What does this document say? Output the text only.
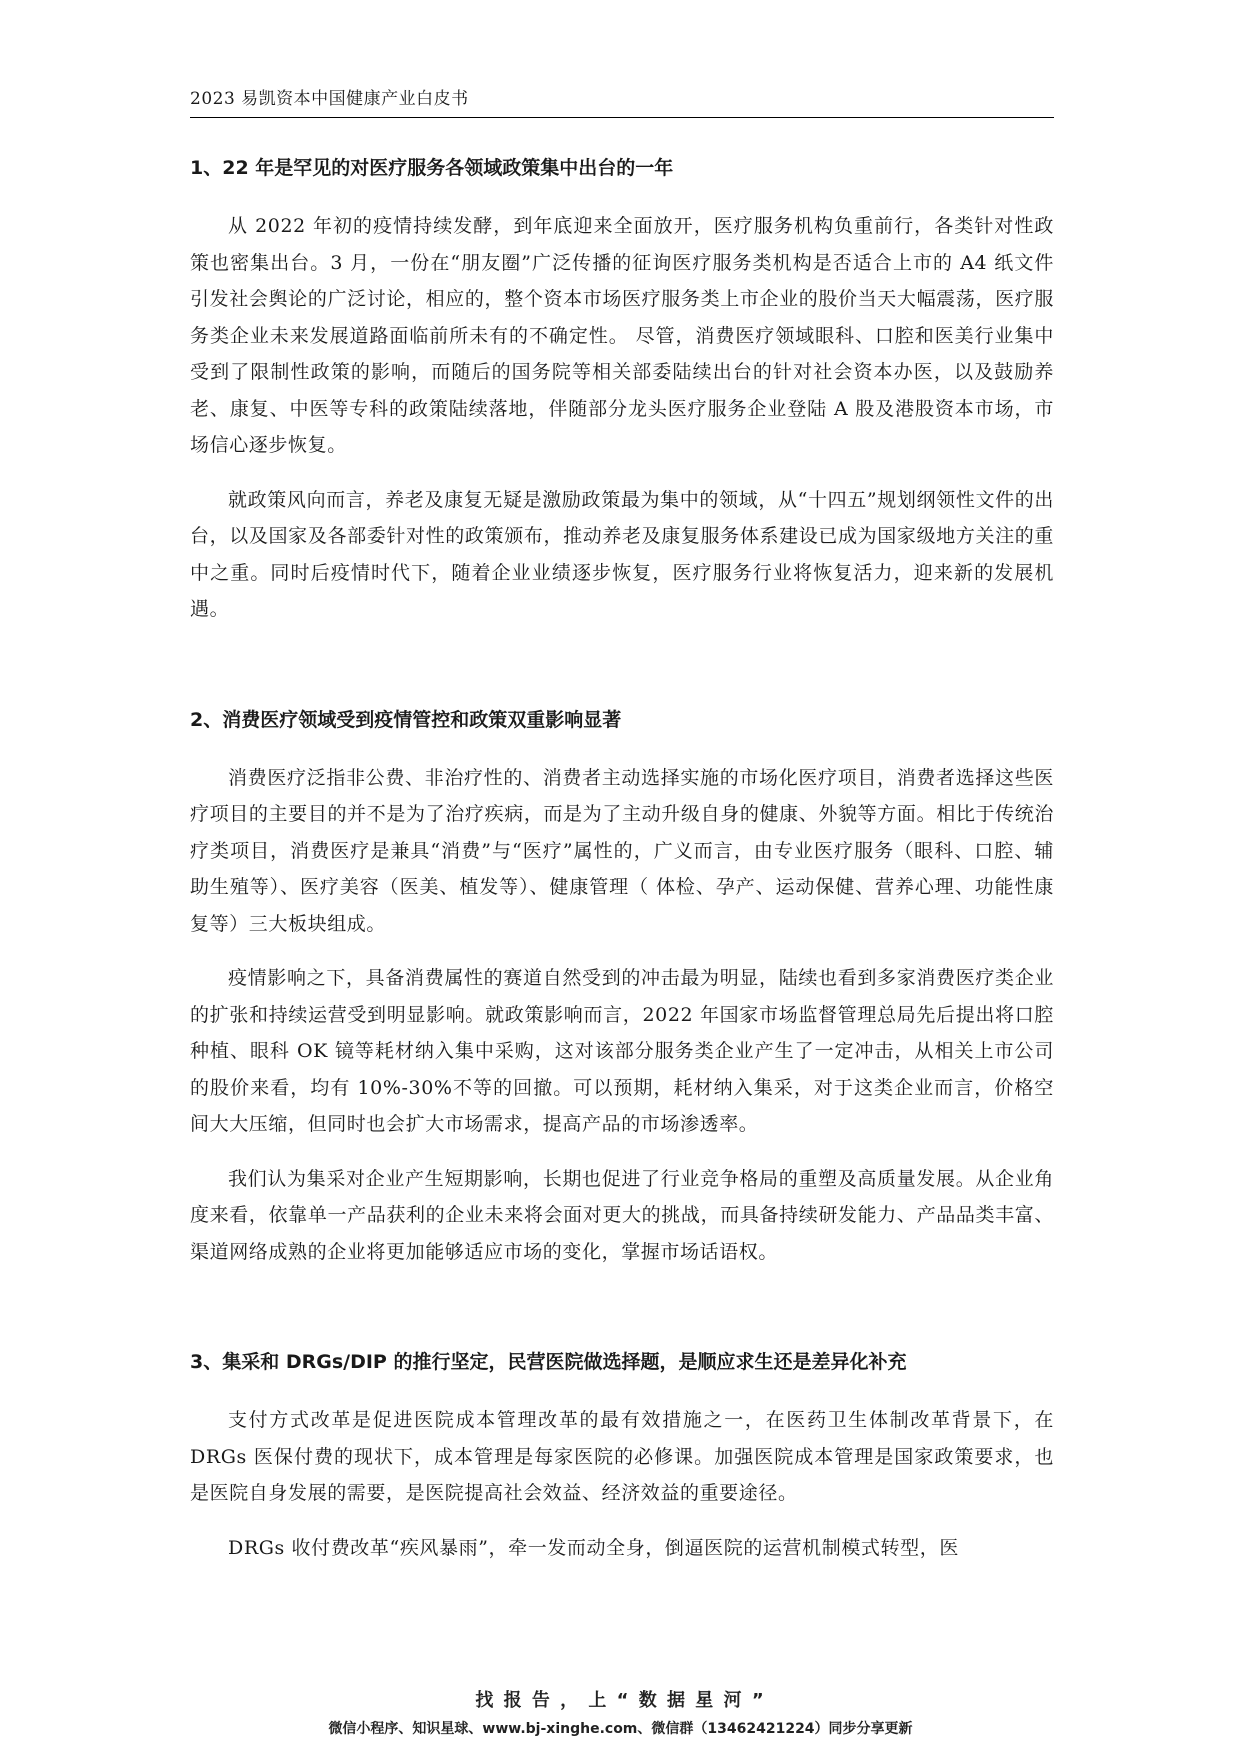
2023 易凯资本中国健康产业白皮书
1、22 年是罕见的对医疗服务各领域政策集中出台的一年

从 2022 年初的疫情持续发酵，到年底迎来全面放开，医疗服务机构负重前行，各类针对性政策也密集出台。3 月，一份在“朋友圈”广泛传播的征询医疗服务类机构是否适合上市的 A4 纸文件引发社会舆论的广泛讨论，相应的，整个资本市场医疗服务类上市企业的股价当天大幅震荡，医疗服务类企业未来发展道路面临前所未有的不确定性。 尽管，消费医疗领域眼科、口腔和医美行业集中受到了限制性政策的影响，而随后的国务院等相关部委陆续出台的针对社会资本办医，以及鼓励养老、康复、中医等专科的政策陆续落地，伴随部分龙头医疗服务企业登陆 A 股及港股资本市场，市场信心逐步恢复。

就政策风向而言，养老及康复无疑是激励政策最为集中的领域，从“十四五”规划纲领性文件的出台，以及国家及各部委针对性的政策颁布，推动养老及康复服务体系建设已成为国家级地方关注的重中之重。同时后疫情时代下，随着企业业绩逐步恢复，医疗服务行业将恢复活力，迎来新的发展机遇。

2、消费医疗领域受到疫情管控和政策双重影响显著

消费医疗泛指非公费、非治疗性的、消费者主动选择实施的市场化医疗项目，消费者选择这些医疗项目的主要目的并不是为了治疗疾病，而是为了主动升级自身的健康、外貌等方面。相比于传统治疗类项目，消费医疗是兼具“消费”与“医疗”属性的，广义而言，由专业医疗服务（眼科、口腔、辅助生殖等）、医疗美容（医美、植发等）、健康管理（ 体检、孕产、运动保健、营养心理、功能性康复等）三大板块组成。

疫情影响之下，具备消费属性的赛道自然受到的冲击最为明显，陆续也看到多家消费医疗类企业的扩张和持续运营受到明显影响。就政策影响而言，2022 年国家市场监督管理总局先后提出将口腔种植、眼科 OK 镜等耗材纳入集中采购，这对该部分服务类企业产生了一定冲击，从相关上市公司的股价来看，均有 10%-30%不等的回撤。可以预期，耗材纳入集采，对于这类企业而言，价格空间大大压缩，但同时也会扩大市场需求，提高产品的市场渗透率。

我们认为集采对企业产生短期影响，长期也促进了行业竞争格局的重塑及高质量发展。从企业角度来看，依靠单一产品获利的企业未来将会面对更大的挑战，而具备持续研发能力、产品品类丰富、渠道网络成熟的企业将更加能够适应市场的变化，掌握市场话语权。

3、集采和 DRGs/DIP 的推行坚定，民营医院做选择题，是顺应求生还是差异化补充

支付方式改革是促进医院成本管理改革的最有效措施之一，在医药卫生体制改革背景下，在 DRGs 医保付费的现状下，成本管理是每家医院的必修课。加强医院成本管理是国家政策要求，也是医院自身发展的需要，是医院提高社会效益、经济效益的重要途径。

DRGs 收付费改革“疾风暴雨”，牵一发而动全身，倒逼医院的运营机制模式转型，医

找 报 告 ， 上 “ 数 据 星 河 ”
微信小程序、知识星球、www.bj-xinghe.com、微信群（13462421224）同步分享更新
